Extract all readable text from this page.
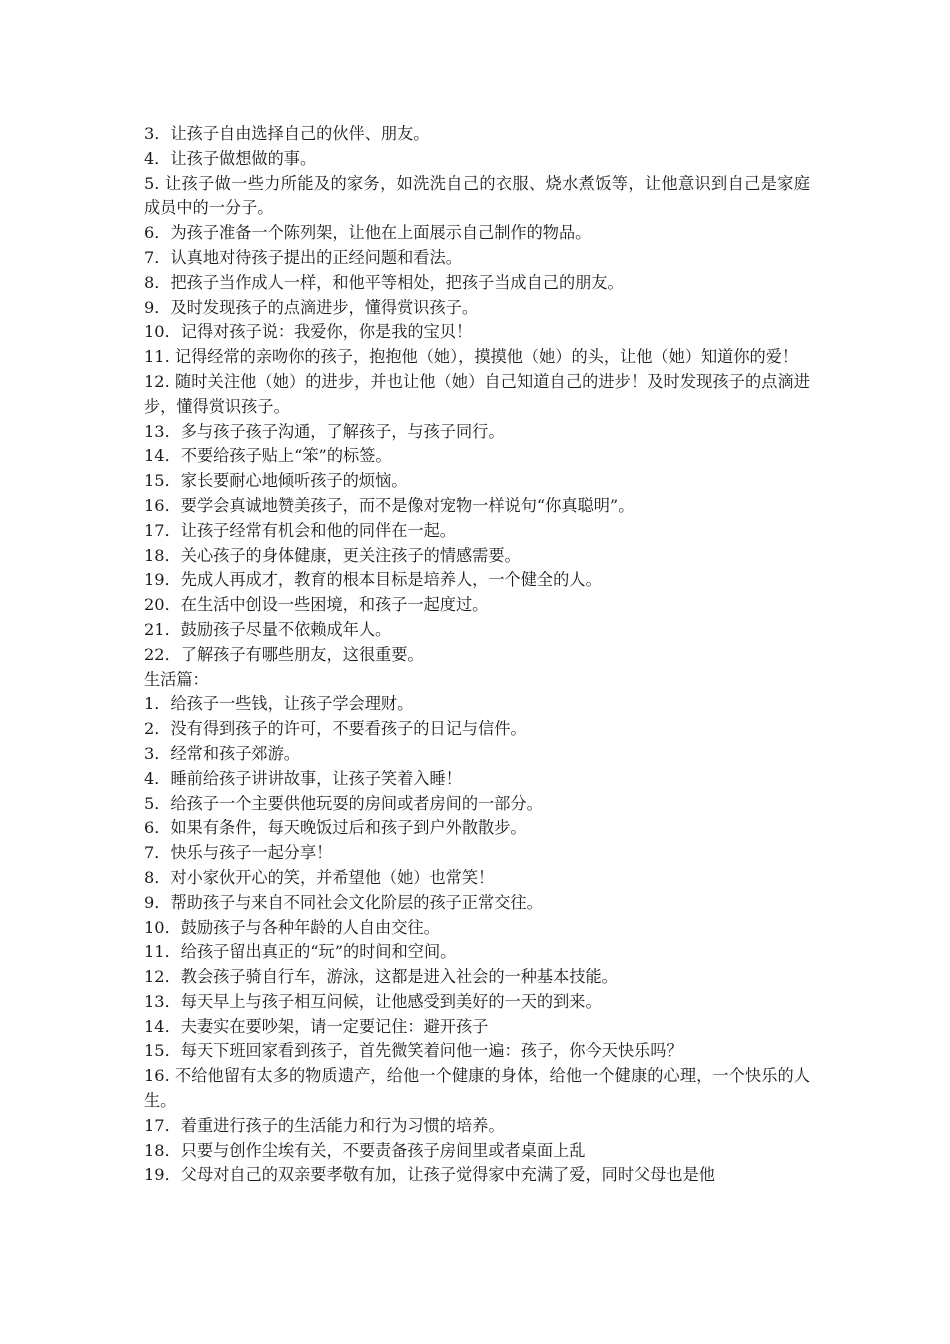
3．让孩子自由选择自己的伙伴、朋友。

4．让孩子做想做的事。

5. 让孩子做一些力所能及的家务，如洗洗自己的衣服、烧水煮饭等，让他意识到自己是家庭成员中的一分子。

6．为孩子准备一个陈列架，让他在上面展示自己制作的物品。

7．认真地对待孩子提出的正经问题和看法。

8．把孩子当作成人一样，和他平等相处，把孩子当成自己的朋友。

9．及时发现孩子的点滴进步，懂得赏识孩子。

10．记得对孩子说：我爱你，你是我的宝贝！

11. 记得经常的亲吻你的孩子，抱抱他（她），摸摸他（她）的头，让他（她）知道你的爱！

12. 随时关注他（她）的进步，并也让他（她）自己知道自己的进步！及时发现孩子的点滴进步，懂得赏识孩子。

13．多与孩子孩子沟通，了解孩子，与孩子同行。

14．不要给孩子贴上“笨”的标签。

15．家长要耐心地倾听孩子的烦恼。

16．要学会真诚地赞美孩子，而不是像对宠物一样说句“你真聪明”。

17．让孩子经常有机会和他的同伴在一起。

18．关心孩子的身体健康，更关注孩子的情感需要。

19．先成人再成才，教育的根本目标是培养人，一个健全的人。

20．在生活中创设一些困境，和孩子一起度过。

21．鼓励孩子尽量不依赖成年人。

22．了解孩子有哪些朋友，这很重要。

生活篇：

1．给孩子一些钱，让孩子学会理财。

2．没有得到孩子的许可，不要看孩子的日记与信件。

3．经常和孩子郊游。

4．睡前给孩子讲讲故事，让孩子笑着入睡！

5．给孩子一个主要供他玩耍的房间或者房间的一部分。

6．如果有条件，每天晚饭过后和孩子到户外散散步。

7．快乐与孩子一起分享！

8．对小家伙开心的笑，并希望他（她）也常笑！

9．帮助孩子与来自不同社会文化阶层的孩子正常交往。

10．鼓励孩子与各种年龄的人自由交往。

11．给孩子留出真正的“玩”的时间和空间。

12．教会孩子骑自行车，游泳，这都是进入社会的一种基本技能。

13．每天早上与孩子相互问候，让他感受到美好的一天的到来。

14．夫妻实在要吵架，请一定要记住：避开孩子

15．每天下班回家看到孩子，首先微笑着问他一遍：孩子，你今天快乐吗？

16. 不给他留有太多的物质遗产，给他一个健康的身体，给他一个健康的心理，一个快乐的人生。

17．着重进行孩子的生活能力和行为习惯的培养。

18．只要与创作尘埃有关，不要责备孩子房间里或者桌面上乱

19．父母对自己的双亲要孝敬有加，让孩子觉得家中充满了爱，同时父母也是他
